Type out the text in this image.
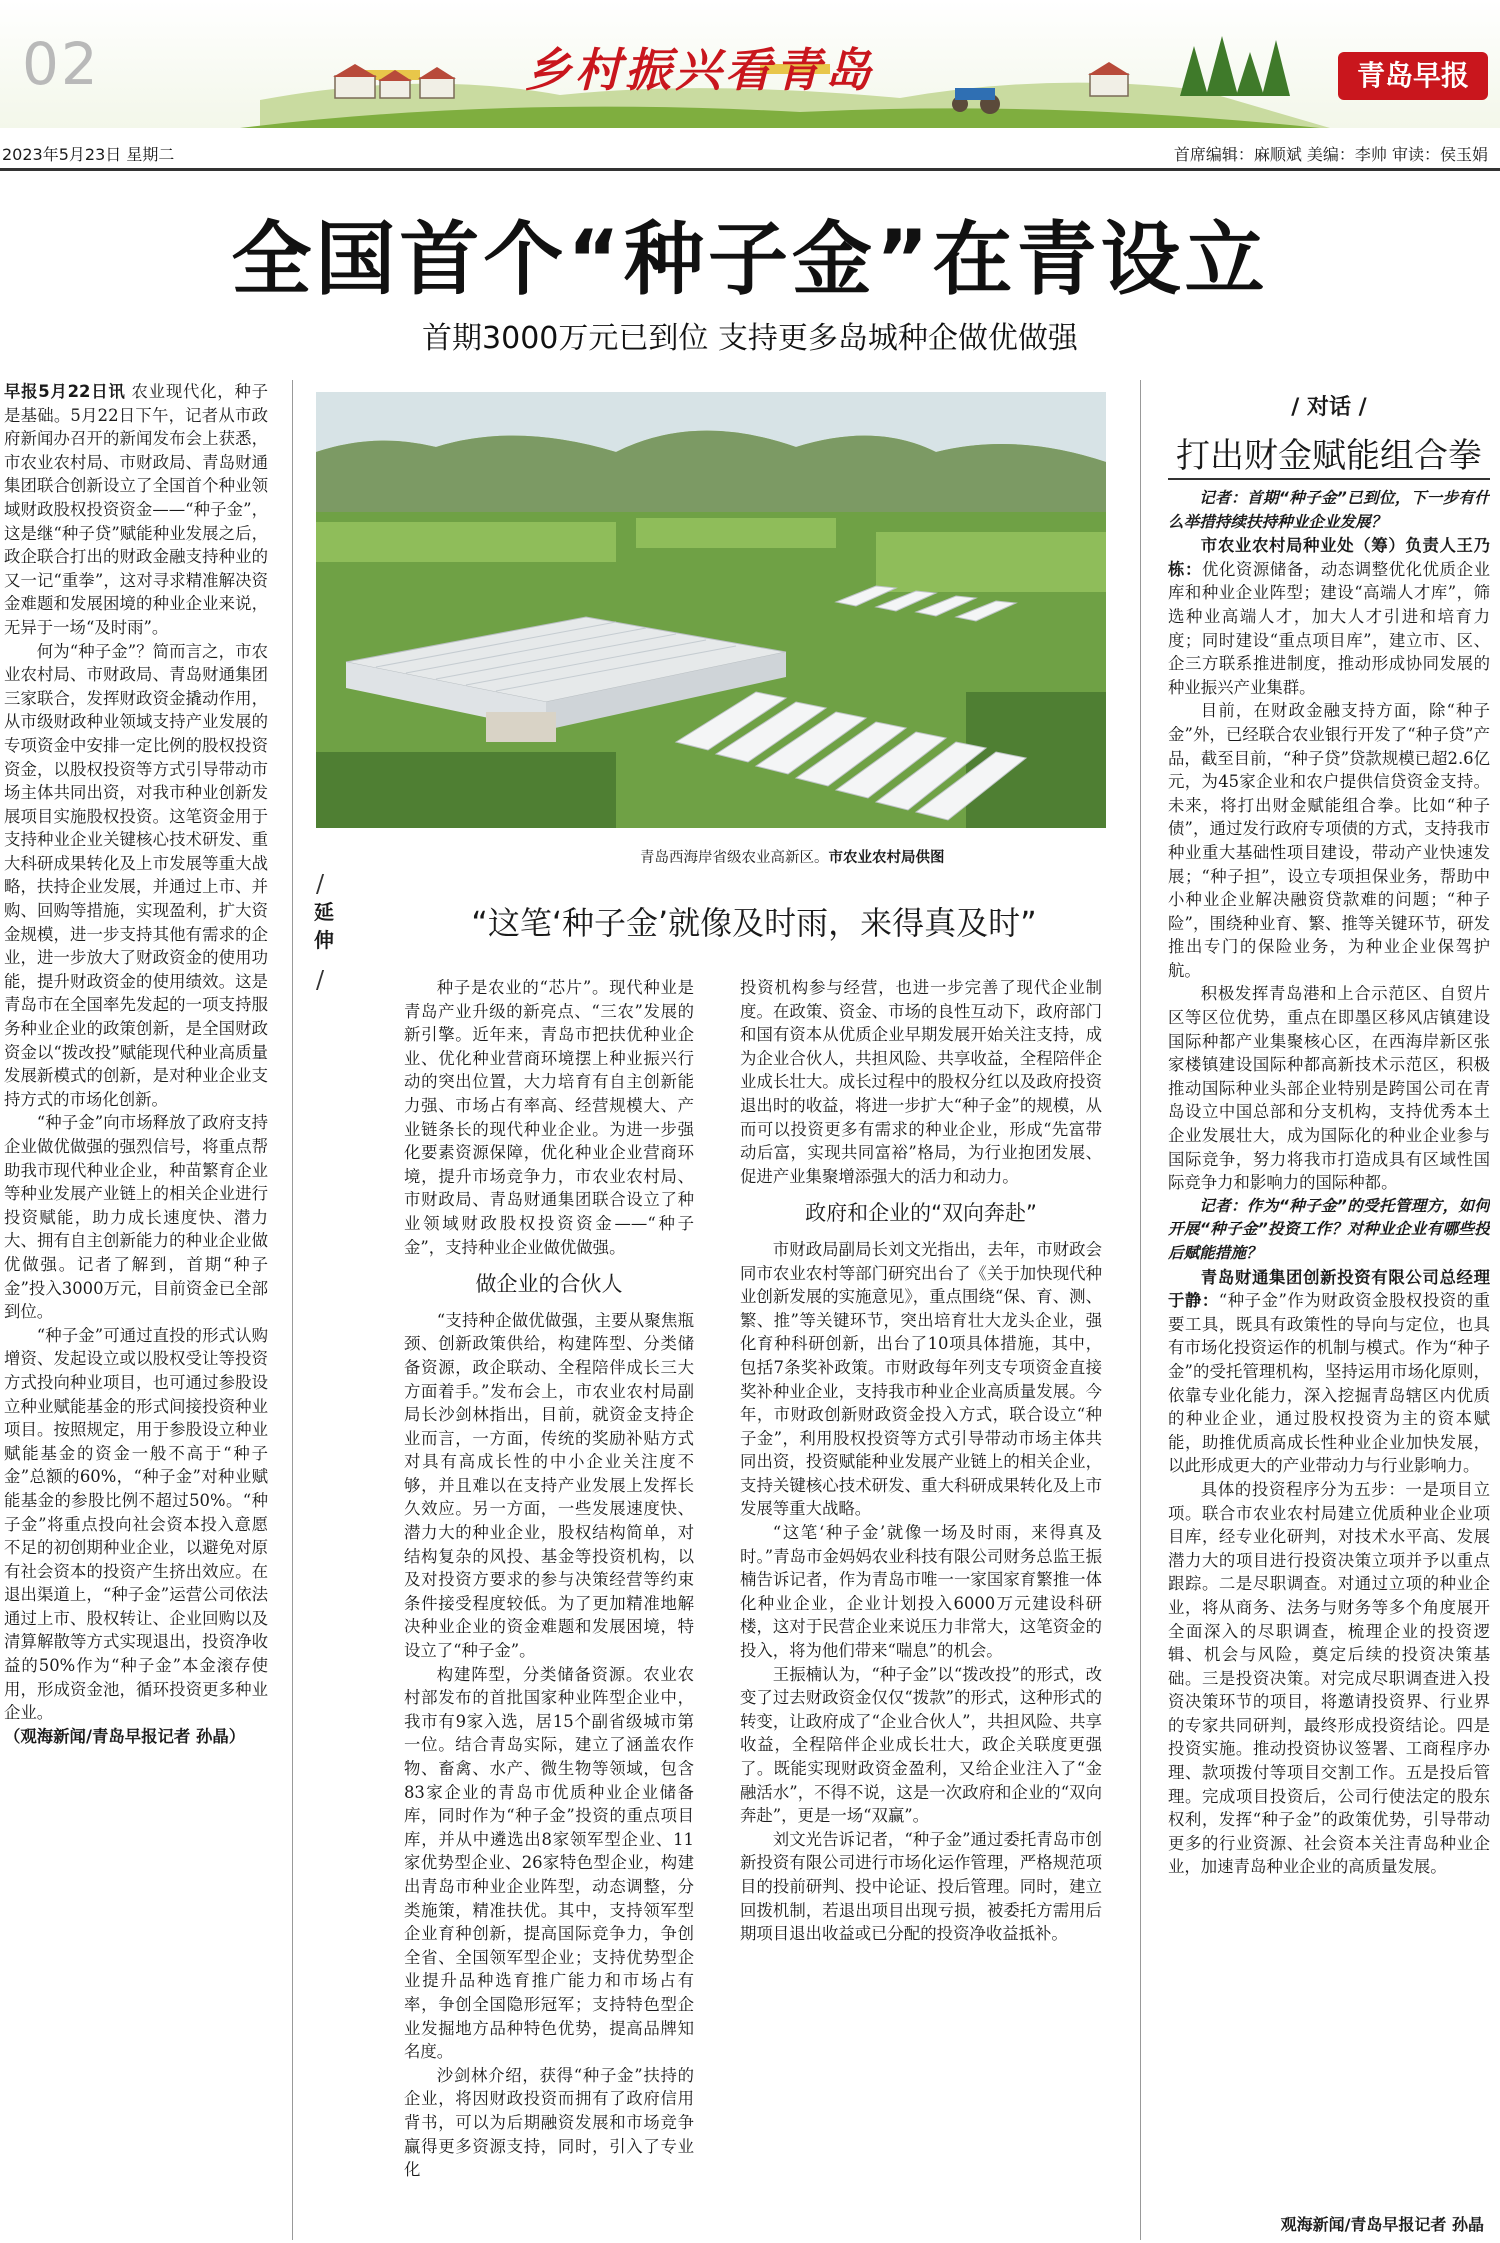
02	乡村振兴看青岛	青岛早报
2023年5月23日 星期二	首席编辑：麻顺斌 美编：李帅 审读：侯玉娟
全国首个“种子金”在青设立
首期3000万元已到位 支持更多岛城种企做优做强

早报5月22日讯 农业现代化，种子是基础。5月22日下午，记者从市政府新闻办召开的新闻发布会上获悉，市农业农村局、市财政局、青岛财通集团联合创新设立了全国首个种业领域财政股权投资资金——“种子金”，这是继“种子贷”赋能种业发展之后，政企联合打出的财政金融支持种业的又一记“重拳”，这对寻求精准解决资金难题和发展困境的种业企业来说，无异于一场“及时雨”。

何为“种子金”？简而言之，市农业农村局、市财政局、青岛财通集团三家联合，发挥财政资金撬动作用，从市级财政种业领域支持产业发展的专项资金中安排一定比例的股权投资资金，以股权投资等方式引导带动市场主体共同出资，对我市种业创新发展项目实施股权投资。这笔资金用于支持种业企业关键核心技术研发、重大科研成果转化及上市发展等重大战略，扶持企业发展，并通过上市、并购、回购等措施，实现盈利，扩大资金规模，进一步支持其他有需求的企业，进一步放大了财政资金的使用功能，提升财政资金的使用绩效。这是青岛市在全国率先发起的一项支持服务种业企业的政策创新，是全国财政资金以“拨改投”赋能现代种业高质量发展新模式的创新，是对种业企业支持方式的市场化创新。

“种子金”向市场释放了政府支持企业做优做强的强烈信号，将重点帮助我市现代种业企业，种苗繁育企业等种业发展产业链上的相关企业进行投资赋能，助力成长速度快、潜力大、拥有自主创新能力的种业企业做优做强。记者了解到，首期“种子金”投入3000万元，目前资金已全部到位。

“种子金”可通过直投的形式认购增资、发起设立或以股权受让等投资方式投向种业项目，也可通过参股设立种业赋能基金的形式间接投资种业项目。按照规定，用于参股设立种业赋能基金的资金一般不高于“种子金”总额的60%，“种子金”对种业赋能基金的参股比例不超过50%。“种子金”将重点投向社会资本投入意愿不足的初创期种业企业，以避免对原有社会资本的投资产生挤出效应。在退出渠道上，“种子金”运营公司依法通过上市、股权转让、企业回购以及清算解散等方式实现退出，投资净收益的50%作为“种子金”本金滚存使用，形成资金池，循环投资更多种业企业。

（观海新闻/青岛早报记者 孙晶）

青岛西海岸省级农业高新区。市农业农村局供图
/
延伸
/
“这笔‘种子金’就像及时雨，来得真及时”

种子是农业的“芯片”。现代种业是青岛产业升级的新亮点、“三农”发展的新引擎。近年来，青岛市把扶优种业企业、优化种业营商环境摆上种业振兴行动的突出位置，大力培育有自主创新能力强、市场占有率高、经营规模大、产业链条长的现代种业企业。为进一步强化要素资源保障，优化种业企业营商环境，提升市场竞争力，市农业农村局、市财政局、青岛财通集团联合设立了种业领域财政股权投资资金——“种子金”，支持种业企业做优做强。

做企业的合伙人

“支持种企做优做强，主要从聚焦瓶颈、创新政策供给，构建阵型、分类储备资源，政企联动、全程陪伴成长三大方面着手。”发布会上，市农业农村局副局长沙剑林指出，目前，就资金支持企业而言，一方面，传统的奖励补贴方式对具有高成长性的中小企业关注度不够，并且难以在支持产业发展上发挥长久效应。另一方面，一些发展速度快、潜力大的种业企业，股权结构简单，对结构复杂的风投、基金等投资机构，以及对投资方要求的参与决策经营等约束条件接受程度较低。为了更加精准地解决种业企业的资金难题和发展困境，特设立了“种子金”。

构建阵型，分类储备资源。农业农村部发布的首批国家种业阵型企业中，我市有9家入选，居15个副省级城市第一位。结合青岛实际，建立了涵盖农作物、畜禽、水产、微生物等领域，包含83家企业的青岛市优质种业企业储备库，同时作为“种子金”投资的重点项目库，并从中遴选出8家领军型企业、11家优势型企业、26家特色型企业，构建出青岛市种业企业阵型，动态调整，分类施策，精准扶优。其中，支持领军型企业育种创新，提高国际竞争力，争创全省、全国领军型企业；支持优势型企业提升品种选育推广能力和市场占有率，争创全国隐形冠军；支持特色型企业发掘地方品种特色优势，提高品牌知名度。

沙剑林介绍，获得“种子金”扶持的企业，将因财政投资而拥有了政府信用背书，可以为后期融资发展和市场竞争赢得更多资源支持，同时，引入了专业化

投资机构参与经营，也进一步完善了现代企业制度。在政策、资金、市场的良性互动下，政府部门和国有资本从优质企业早期发展开始关注支持，成为企业合伙人，共担风险、共享收益，全程陪伴企业成长壮大。成长过程中的股权分红以及政府投资退出时的收益，将进一步扩大“种子金”的规模，从而可以投资更多有需求的种业企业，形成“先富带动后富，实现共同富裕”格局，为行业抱团发展、促进产业集聚增添强大的活力和动力。

政府和企业的“双向奔赴”

市财政局副局长刘文光指出，去年，市财政会同市农业农村等部门研究出台了《关于加快现代种业创新发展的实施意见》，重点围绕“保、育、测、繁、推”等关键环节，突出培育壮大龙头企业，强化育种科研创新，出台了10项具体措施，其中，包括7条奖补政策。市财政每年列支专项资金直接奖补种业企业，支持我市种业企业高质量发展。今年，市财政创新财政资金投入方式，联合设立“种子金”，利用股权投资等方式引导带动市场主体共同出资，投资赋能种业发展产业链上的相关企业，支持关键核心技术研发、重大科研成果转化及上市发展等重大战略。

“这笔‘种子金’就像一场及时雨，来得真及时。”青岛市金妈妈农业科技有限公司财务总监王振楠告诉记者，作为青岛市唯一一家国家育繁推一体化种业企业，企业计划投入6000万元建设科研楼，这对于民营企业来说压力非常大，这笔资金的投入，将为他们带来“喘息”的机会。

王振楠认为，“种子金”以“拨改投”的形式，改变了过去财政资金仅仅“拨款”的形式，这种形式的转变，让政府成了“企业合伙人”，共担风险、共享收益，全程陪伴企业成长壮大，政企关联度更强了。既能实现财政资金盈利，又给企业注入了“金融活水”，不得不说，这是一次政府和企业的“双向奔赴”，更是一场“双赢”。

刘文光告诉记者，“种子金”通过委托青岛市创新投资有限公司进行市场化运作管理，严格规范项目的投前研判、投中论证、投后管理。同时，建立回拨机制，若退出项目出现亏损，被委托方需用后期项目退出收益或已分配的投资净收益抵补。

/ 对话 /
打出财金赋能组合拳

记者：首期“种子金”已到位，下一步有什么举措持续扶持种业企业发展？

市农业农村局种业处（筹）负责人王乃栋：优化资源储备，动态调整优化优质企业库和种业企业阵型；建设“高端人才库”，筛选种业高端人才，加大人才引进和培育力度；同时建设“重点项目库”，建立市、区、企三方联系推进制度，推动形成协同发展的种业振兴产业集群。

目前，在财政金融支持方面，除“种子金”外，已经联合农业银行开发了“种子贷”产品，截至目前，“种子贷”贷款规模已超2.6亿元，为45家企业和农户提供信贷资金支持。未来，将打出财金赋能组合拳。比如“种子债”，通过发行政府专项债的方式，支持我市种业重大基础性项目建设，带动产业快速发展；“种子担”，设立专项担保业务，帮助中小种业企业解决融资贷款难的问题；“种子险”，围绕种业育、繁、推等关键环节，研发推出专门的保险业务，为种业企业保驾护航。

积极发挥青岛港和上合示范区、自贸片区等区位优势，重点在即墨区移风店镇建设国际种都产业集聚核心区，在西海岸新区张家楼镇建设国际种都高新技术示范区，积极推动国际种业头部企业特别是跨国公司在青岛设立中国总部和分支机构，支持优秀本土企业发展壮大，成为国际化的种业企业参与国际竞争，努力将我市打造成具有区域性国际竞争力和影响力的国际种都。

记者：作为“种子金”的受托管理方，如何开展“种子金”投资工作？对种业企业有哪些投后赋能措施？

青岛财通集团创新投资有限公司总经理于静：“种子金”作为财政资金股权投资的重要工具，既具有政策性的导向与定位，也具有市场化投资运作的机制与模式。作为“种子金”的受托管理机构，坚持运用市场化原则，依靠专业化能力，深入挖掘青岛辖区内优质的种业企业，通过股权投资为主的资本赋能，助推优质高成长性种业企业加快发展，以此形成更大的产业带动力与行业影响力。

具体的投资程序分为五步：一是项目立项。联合市农业农村局建立优质种业企业项目库，经专业化研判，对技术水平高、发展潜力大的项目进行投资决策立项并予以重点跟踪。二是尽职调查。对通过立项的种业企业，将从商务、法务与财务等多个角度展开全面深入的尽职调查，梳理企业的投资逻辑、机会与风险，奠定后续的投资决策基础。三是投资决策。对完成尽职调查进入投资决策环节的项目，将邀请投资界、行业界的专家共同研判，最终形成投资结论。四是投资实施。推动投资协议签署、工商程序办理、款项拨付等项目交割工作。五是投后管理。完成项目投资后，公司行使法定的股东权利，发挥“种子金”的政策优势，引导带动更多的行业资源、社会资本关注青岛种业企业，加速青岛种业企业的高质量发展。

观海新闻/青岛早报记者 孙晶
